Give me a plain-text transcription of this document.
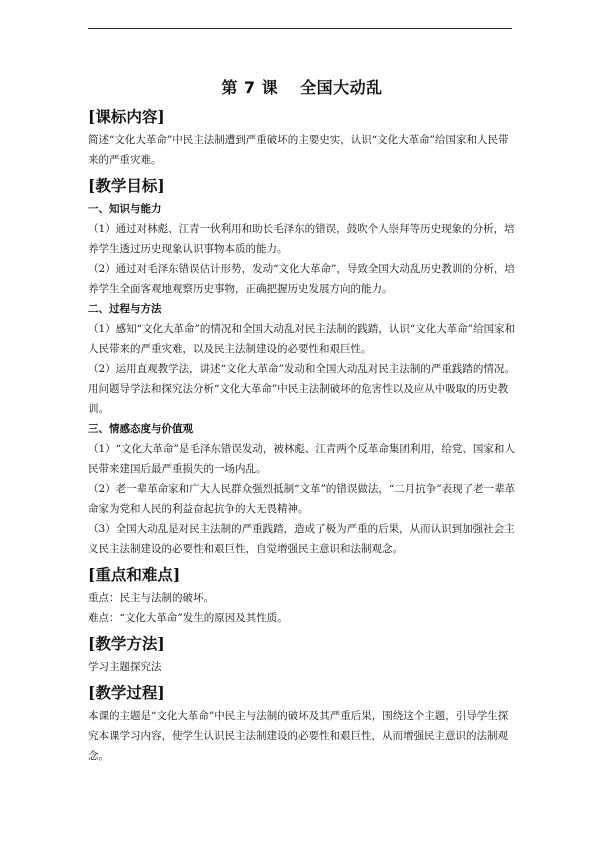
第 7 课 全国大动乱
[课标内容]

简述“文化大革命”中民主法制遭到严重破坏的主要史实，认识“文化大革命”给国家和人民带来的严重灾难。

[教学目标]
一、知识与能力

（1）通过对林彪、江青一伙利用和助长毛泽东的错误，鼓吹个人崇拜等历史现象的分析，培养学生透过历史现象认识事物本质的能力。

（2）通过对毛泽东错误估计形势，发动“文化大革命”，导致全国大动乱历史教训的分析，培养学生全面客观地观察历史事物，正确把握历史发展方向的能力。

二、过程与方法

（1）感知“文化大革命”的情况和全国大动乱对民主法制的践踏，认识“文化大革命”给国家和人民带来的严重灾难，以及民主法制建设的必要性和艰巨性。

（2）运用直观教学法，讲述“文化大革命”发动和全国大动乱对民主法制的严重践踏的情况。用问题导学法和探究法分析“文化大革命”中民主法制破坏的危害性以及应从中吸取的历史教训。

三、情感态度与价值观

（1）“文化大革命”是毛泽东错误发动，被林彪、江青两个反革命集团利用，给党、国家和人民带来建国后最严重损失的一场内乱。

（2）老一辈革命家和广大人民群众强烈抵制“文革”的错误做法，“二月抗争”表现了老一辈革命家为党和人民的利益奋起抗争的大无畏精神。

（3）全国大动乱是对民主法制的严重践踏，造成了极为严重的后果，从而认识到加强社会主义民主法制建设的必要性和艰巨性，自觉增强民主意识和法制观念。

[重点和难点]

重点：民主与法制的破坏。

难点：“文化大革命”发生的原因及其性质。

[教学方法]

学习主题探究法

[教学过程]

本课的主题是“文化大革命”中民主与法制的破坏及其严重后果，围绕这个主题，引导学生探究本课学习内容，使学生认识民主法制建设的必要性和艰巨性，从而增强民主意识的法制观念。
